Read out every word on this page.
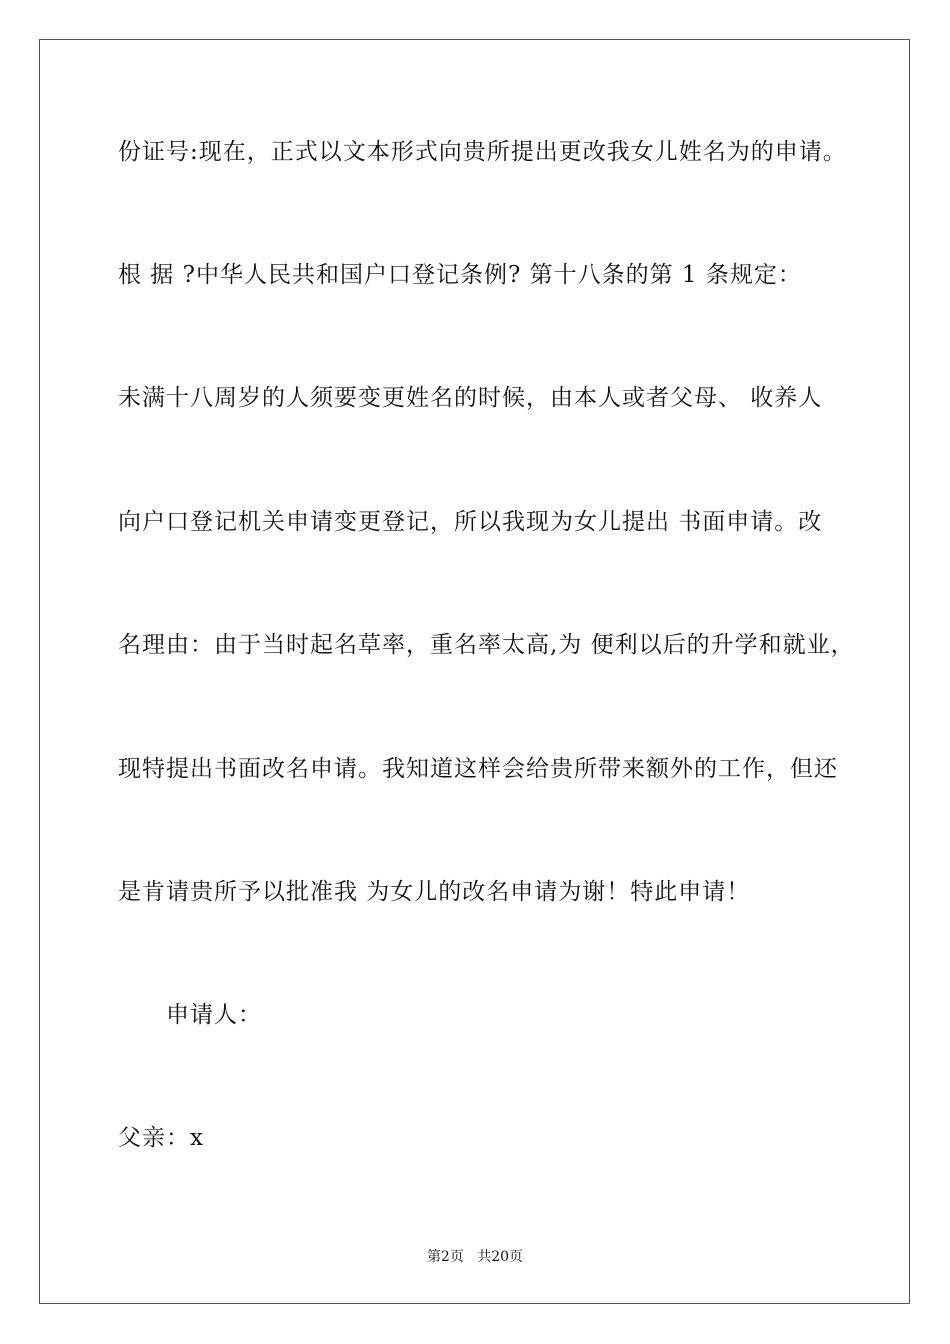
份证号:现在，正式以文本形式向贵所提出更改我女儿姓名为的申请。
根 据 ?中华人民共和国户口登记条例? 第十八条的第 1 条规定：
未满十八周岁的人须要变更姓名的时候，由本人或者父母、 收养人
向户口登记机关申请变更登记，所以我现为女儿提出 书面申请。改
名理由：由于当时起名草率，重名率太高,为 便利以后的升学和就业，
现特提出书面改名申请。我知道这样会给贵所带来额外的工作，但还
是肯请贵所予以批准我 为女儿的改名申请为谢！特此申请！
申请人：
父亲：x
第2页 共20页
